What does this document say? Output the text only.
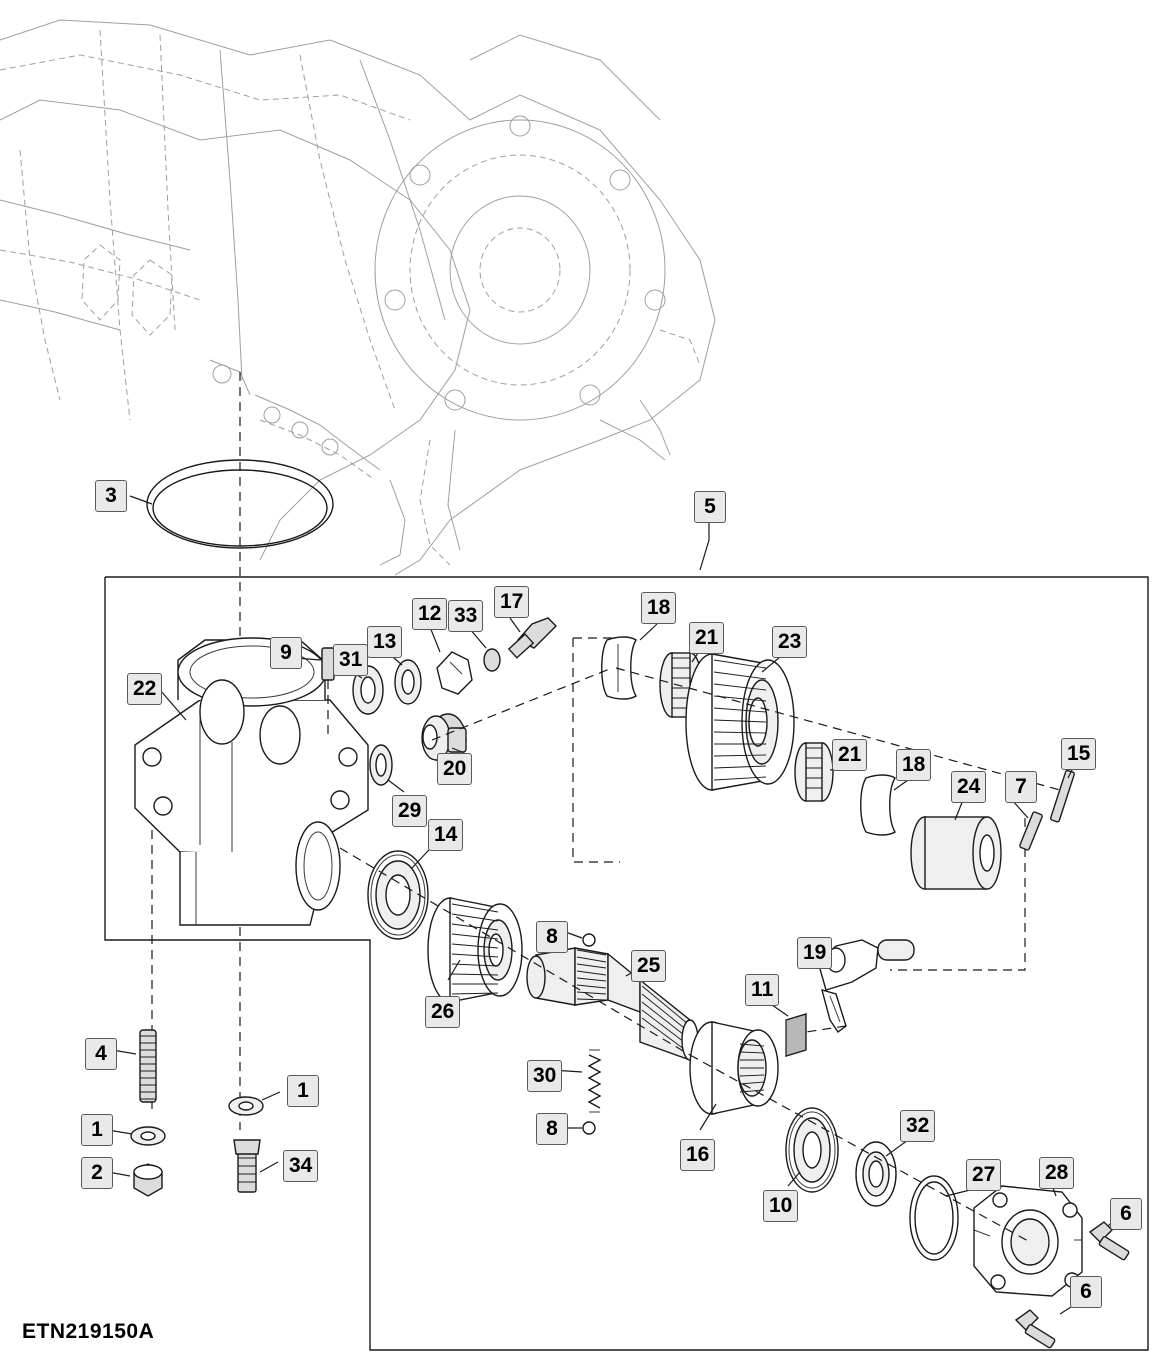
3	5
17
33
12	18
21	23
13
9	31
21 18	15
24	7
22
20
29
14
19
8
25
11
26
30
4
1
8	32
27
1
16
2	34	28
6
10
6
ETN219150A
